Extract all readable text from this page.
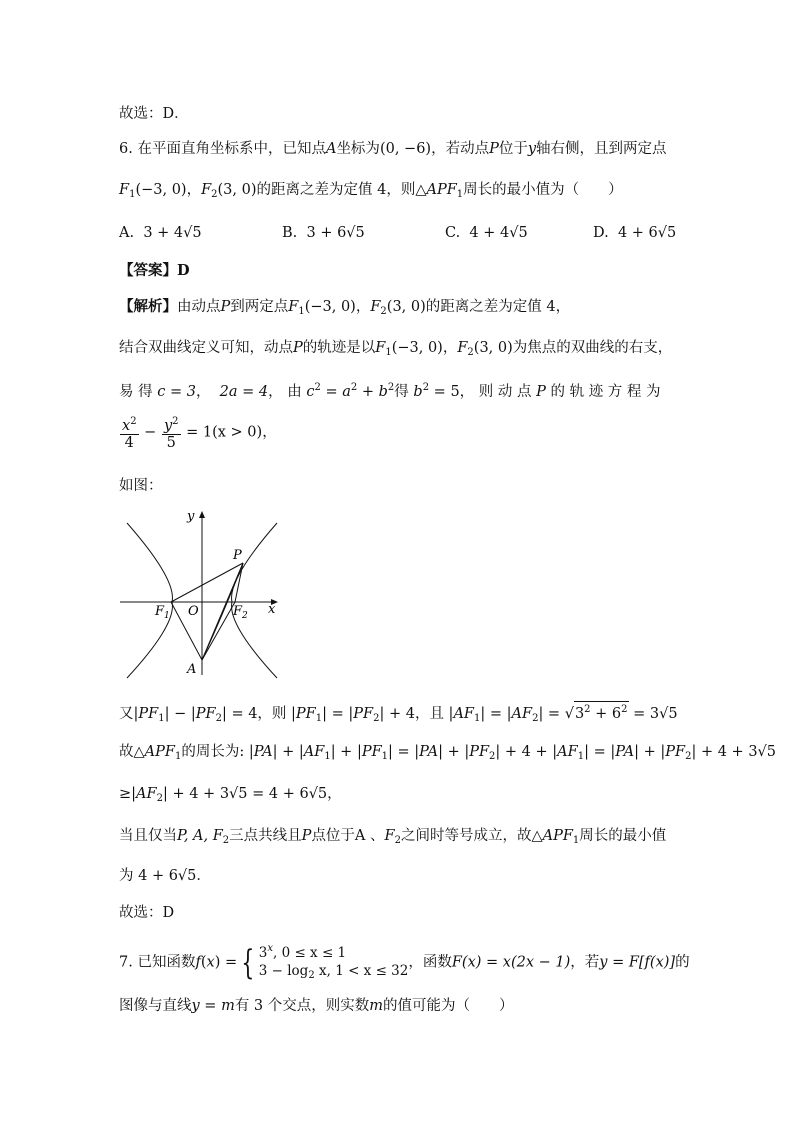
故选：D．
6. 在平面直角坐标系中，已知点A坐标为(0, −6)，若动点P位于y轴右侧，且到两定点
$F_1(-3$, 0)，$F_2(3$, 0)的距离之差为定值 4，则$\triangle APF_1$周长的最小值为（　　）
A. 3 + 4√5	B. 3 + 6√5	C. 4 + 4√5	D. 4 + 6√5
【答案】D
【解析】由动点P到两定点$F_1(-3$, 0)，$F_2(3$, 0)的距离之差为定值 4，
结合双曲线定义可知，动点P的轨迹是以$F_1(-3$, 0)，$F_2(3$, 0)为焦点的双曲线的右支，
易 得 c = 3， 2a = 4， 由 $c^2 = a^2 + b^2$得 $b^2 = 5$， 则 动 点 P 的 轨 迹 方 程 为
$\frac{x^2}{4} - \frac{y^2}{5} = 1(x > 0)$，
如图：
y
x
P
O
A
$F_1$	$F_2$
又$|PF_1| - |PF_2| = 4$，则 $|PF_1| = |PF_2| + 4$，且 $|AF_1| = |AF_2| = √3^2 + 6^2 = 3√5$
故$\triangle APF_1$的周长为: $|PA| + |AF_1| + |PF_1| = |PA| + |PF_2| + 4 + |AF_1| = |PA| + |PF_2| + 4 + 3√5$
$\ge|AF_2| + 4 + 3√5 = 4 + 6√5$，
当且仅当P, A, $F_2$三点共线且P点位于A 、$F_2$之间时等号成立，故$\triangle APF_1$周长的最小值
为 4 + 6√5．
故选：D
7. 已知函数f(x) = { 3$^x$, 0 ≤ x ≤ 1
$3 - \log_2 x$, 1 < x ≤ 32，函数F(x) = x(2x − 1)，若y = F[f(x)]的
图像与直线y = m有 3 个交点，则实数m的值可能为（　　）
